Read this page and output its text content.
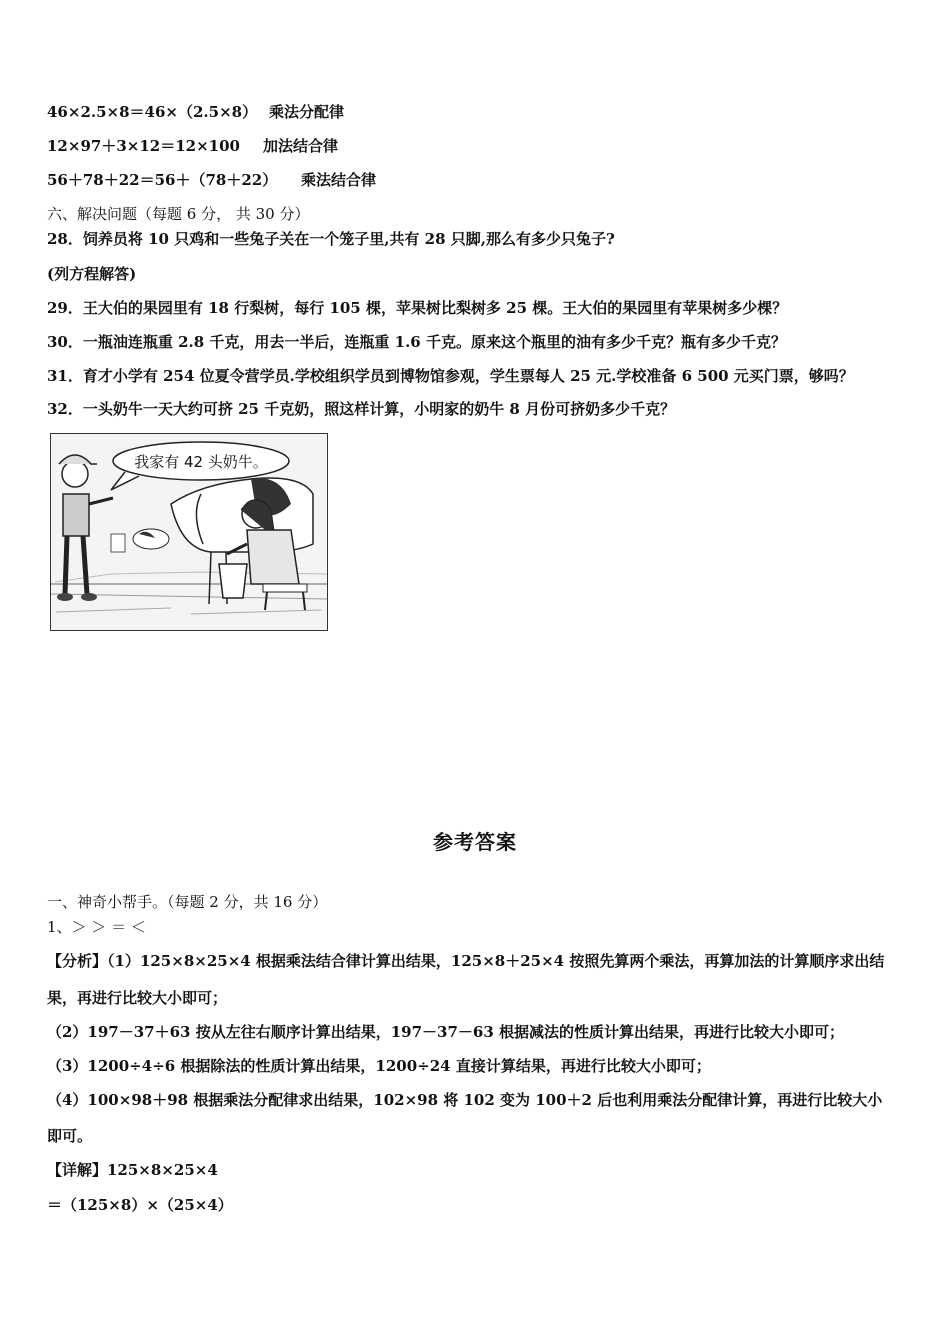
46×2.5×8＝46×（2.5×8） 乘法分配律
12×97＋3×12＝12×100 加法结合律
56＋78＋22＝56＋（78＋22） 乘法结合律
六、解决问题（每题 6 分， 共 30 分）
28．饲养员将 10 只鸡和一些兔子关在一个笼子里,共有 28 只脚,那么有多少只兔子?
(列方程解答)
29．王大伯的果园里有 18 行梨树，每行 105 棵，苹果树比梨树多 25 棵。王大伯的果园里有苹果树多少棵？
30．一瓶油连瓶重 2.8 千克，用去一半后，连瓶重 1.6 千克。原来这个瓶里的油有多少千克？瓶有多少千克？
31．育才小学有 254 位夏令营学员.学校组织学员到博物馆参观，学生票每人 25 元.学校准备 6 500 元买门票，够吗？
32．一头奶牛一天大约可挤 25 千克奶，照这样计算，小明家的奶牛 8 月份可挤奶多少千克？
我家有 42 头奶牛。
参考答案
一、神奇小帮手。（每题 2 分，共 16 分）
1、＞ ＞ ＝ ＜
【分析】（1）125×8×25×4 根据乘法结合律计算出结果，125×8＋25×4 按照先算两个乘法，再算加法的计算顺序求出结
果，再进行比较大小即可；
（2）197－37＋63 按从左往右顺序计算出结果，197－37－63 根据减法的性质计算出结果，再进行比较大小即可；
（3）1200÷4÷6 根据除法的性质计算出结果，1200÷24 直接计算结果，再进行比较大小即可；
（4）100×98＋98 根据乘法分配律求出结果，102×98 将 102 变为 100＋2 后也利用乘法分配律计算，再进行比较大小
即可。
【详解】125×8×25×4
＝（125×8）×（25×4）
